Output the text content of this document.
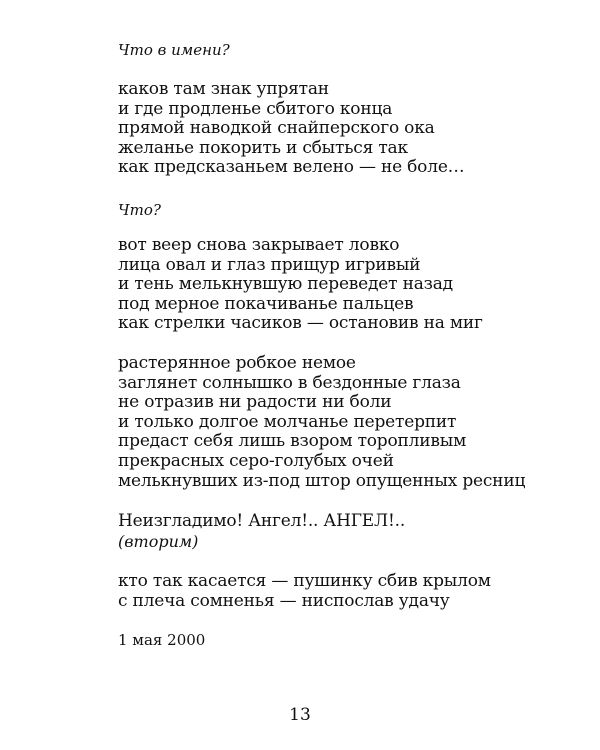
Что в имени?
каков там знак упрятан
и где продленье сбитого конца
прямой наводкой снайперского ока
желанье покорить и сбыться так
как предсказаньем велено — не боле…
Что?
вот веер снова закрывает ловко
лица овал и глаз прищур игривый
и тень мелькнувшую переведет назад
под мерное покачиванье пальцев
как стрелки часиков — остановив на миг
растерянное робкое немое
заглянет солнышко в бездонные глаза
не отразив ни радости ни боли
и только долгое молчанье перетерпит
предаст себя лишь взором торопливым
прекрасных серо-голубых очей
мелькнувших из-под штор опущенных ресниц
Неизгладимо! Ангел!.. АНГЕЛ!..
(вторим)
кто так касается — пушинку сбив крылом
с плеча сомненья — ниспослав удачу
1 мая 2000
13
